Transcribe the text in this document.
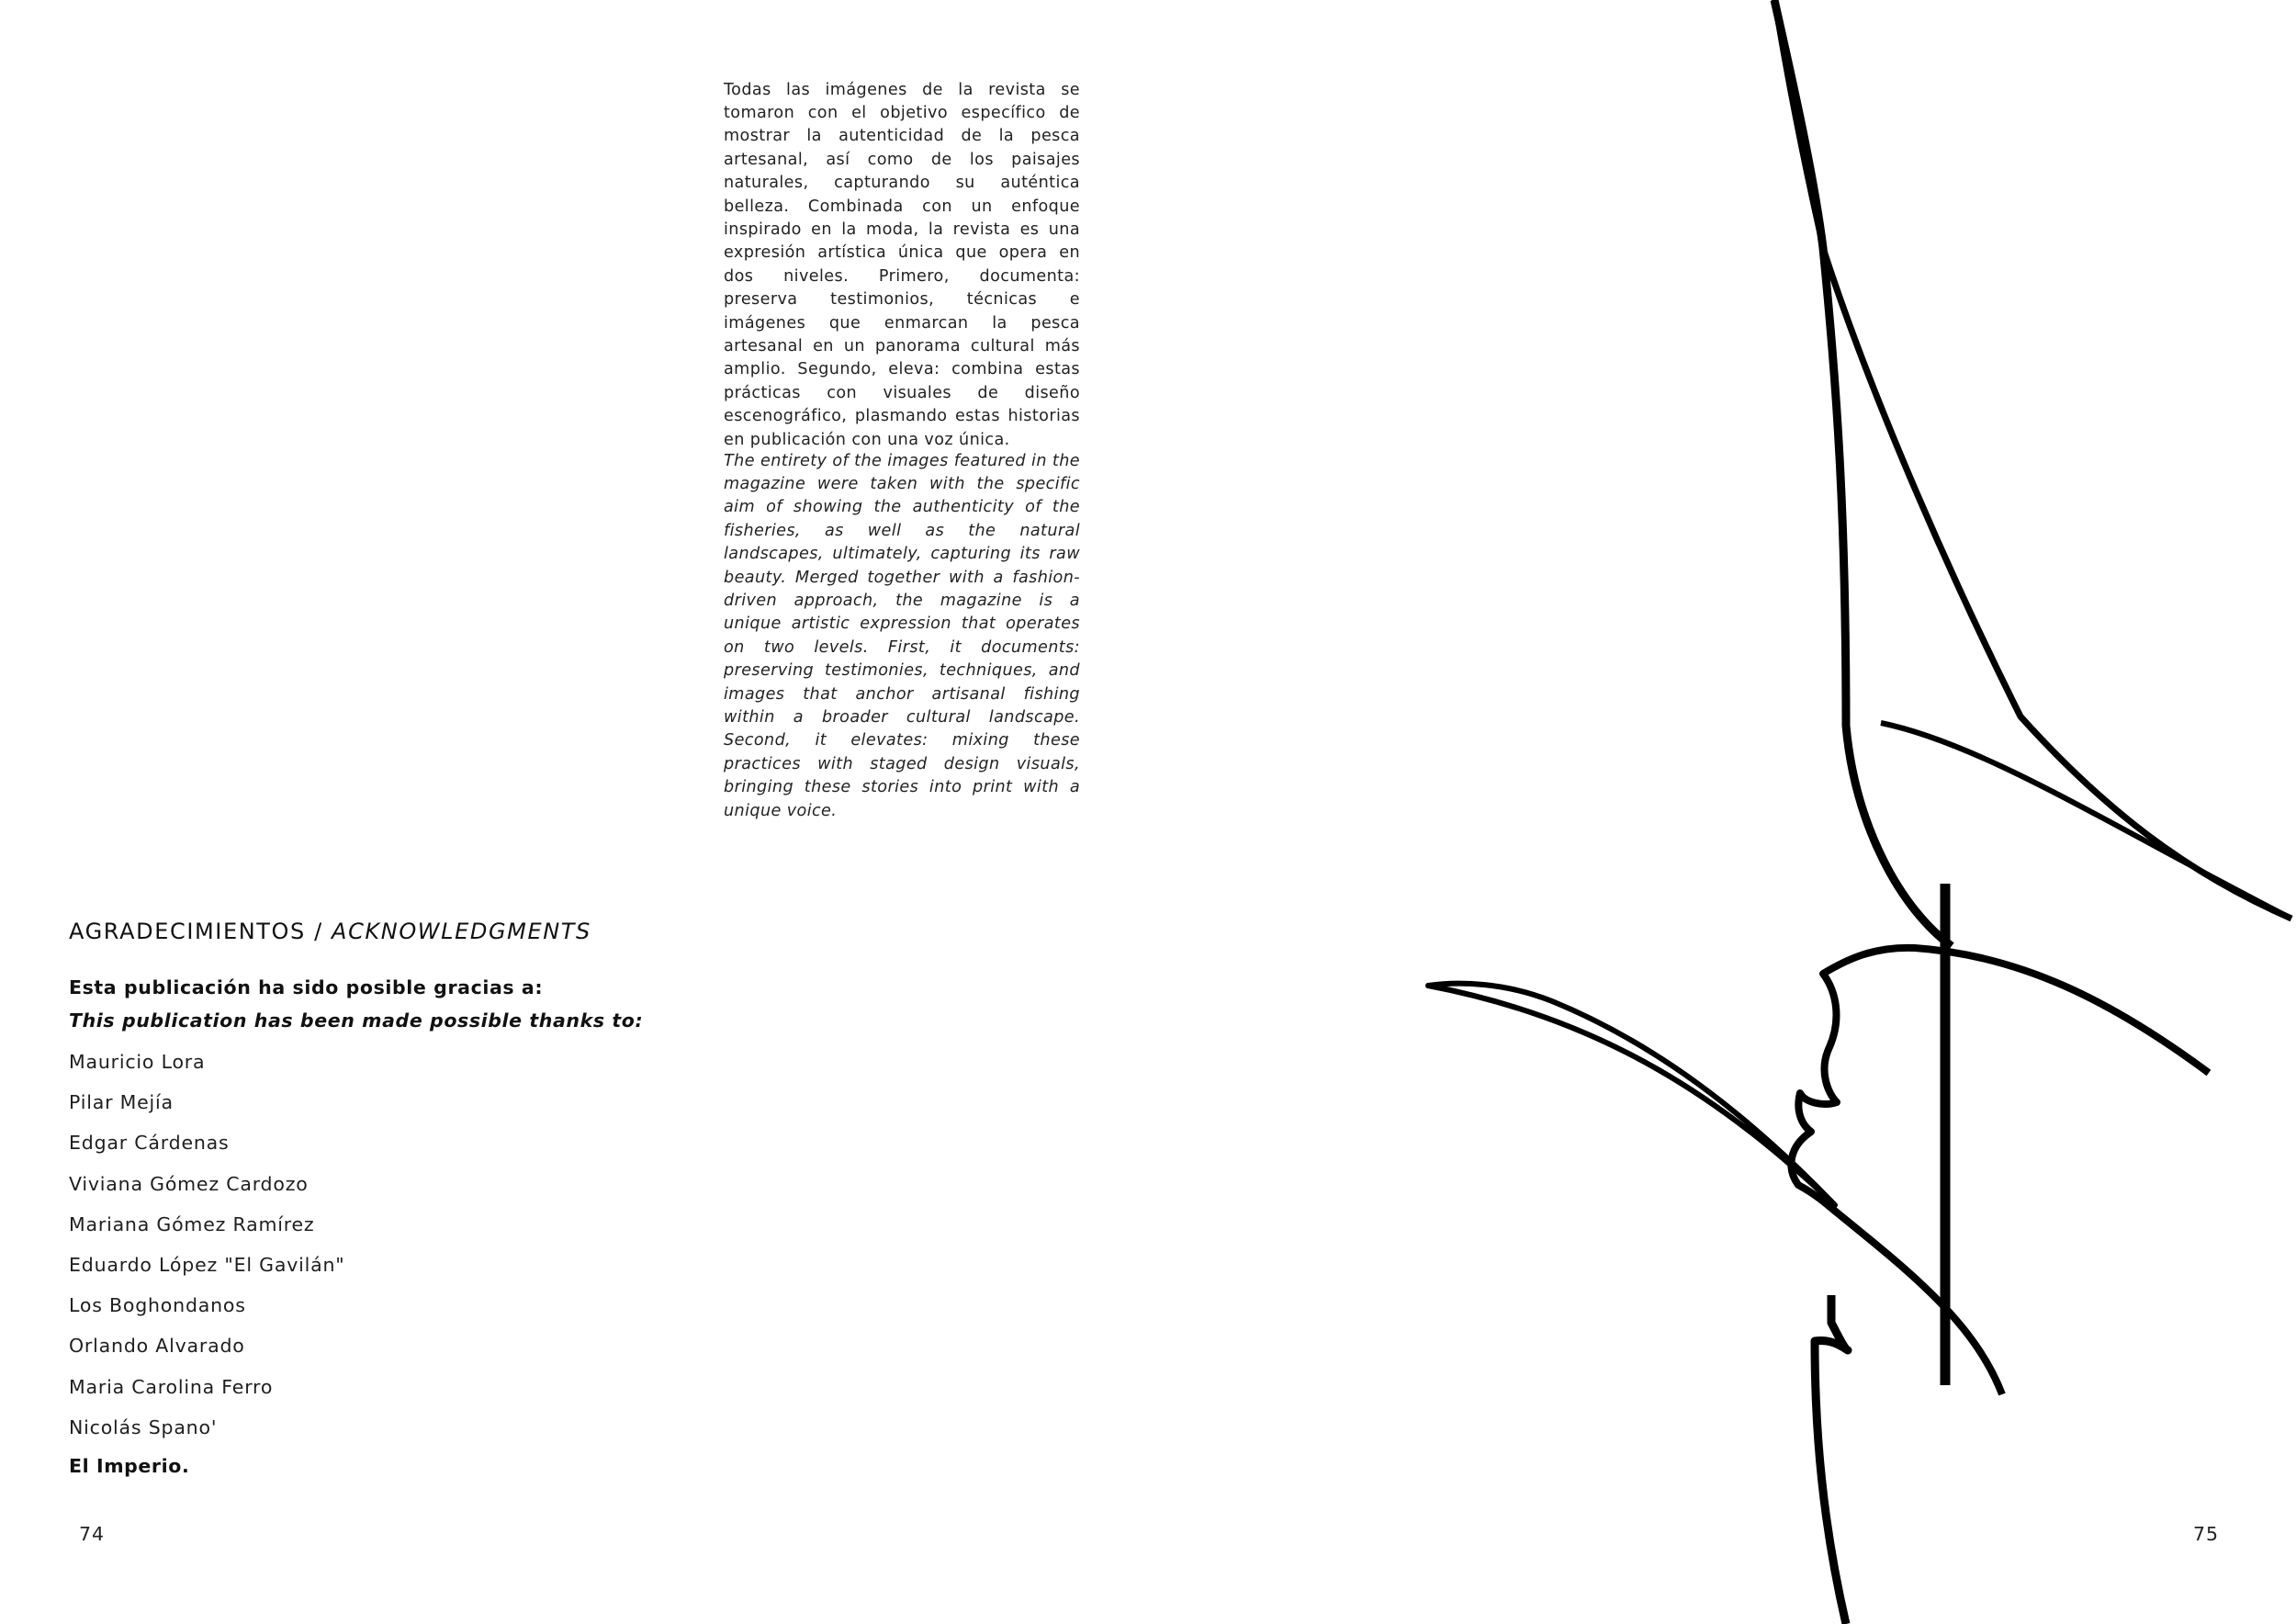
Todas las imágenes de la revista se tomaron con el objetivo específico de mostrar la autenticidad de la pesca artesanal, así como de los paisajes naturales, capturando su auténtica belleza. Combinada con un enfoque inspirado en la moda, la revista es una expresión artística única que opera en dos niveles. Primero, documenta: preserva testimonios, técnicas e imágenes que enmarcan la pesca artesanal en un panorama cultural más amplio. Segundo, eleva: combina estas prácticas con visuales de diseño escenográfico, plasmando estas historias en publicación con una voz única.

The entirety of the images featured in the magazine were taken with the specific aim of showing the authenticity of the fisheries, as well as the natural landscapes, ultimately, capturing its raw beauty. Merged together with a fashion-driven approach, the magazine is a unique artistic expression that operates on two levels. First, it documents: preserving testimonies, techniques, and images that anchor artisanal fishing within a broader cultural landscape. Second, it elevates: mixing these practices with staged design visuals, bringing these stories into print with a unique voice.

AGRADECIMIENTOS / ACKNOWLEDGMENTS
Esta publicación ha sido posible gracias a:
This publication has been made possible thanks to:
Mauricio Lora
Pilar Mejía
Edgar Cárdenas
Viviana Gómez Cardozo
Mariana Gómez Ramírez
Eduardo López "El Gavilán"
Los Boghondanos
Orlando Alvarado
Maria Carolina Ferro
Nicolás Spano'
El Imperio.
74	75
